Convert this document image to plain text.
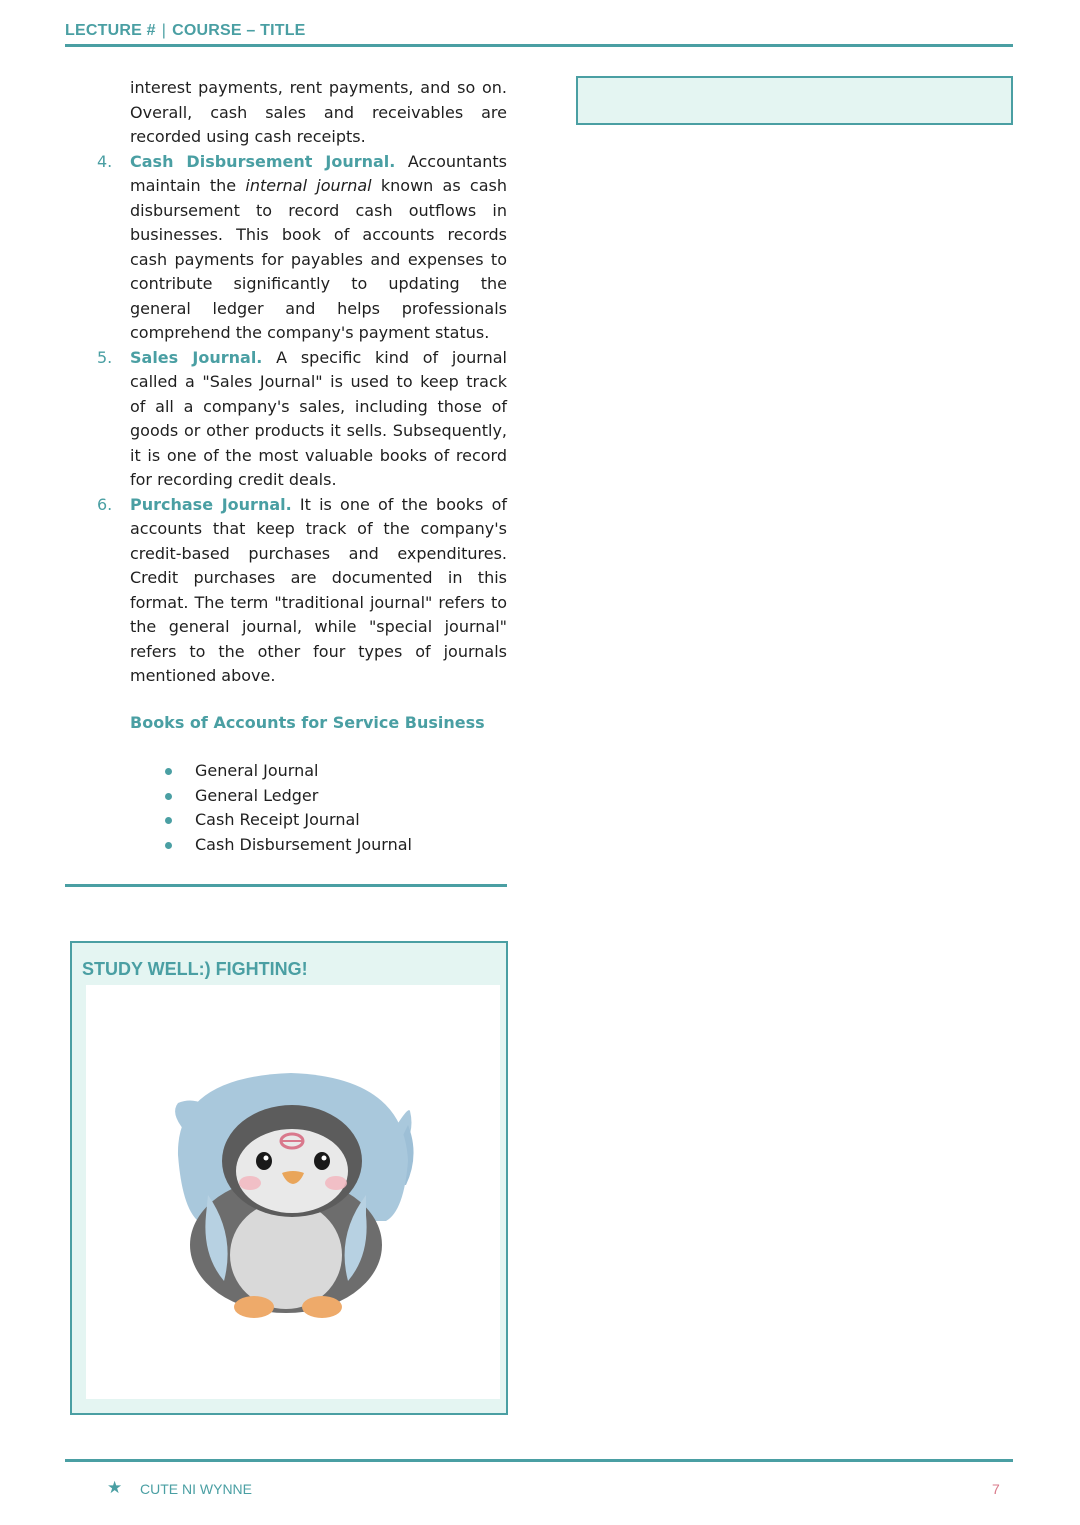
LECTURE # | COURSE – TITLE
interest payments, rent payments, and so on. Overall, cash sales and receivables are recorded using cash receipts.
4. Cash Disbursement Journal. Accountants maintain the internal journal known as cash disbursement to record cash outflows in businesses. This book of accounts records cash payments for payables and expenses to contribute significantly to updating the general ledger and helps professionals comprehend the company's payment status.
5. Sales Journal. A specific kind of journal called a "Sales Journal" is used to keep track of all a company's sales, including those of goods or other products it sells. Subsequently, it is one of the most valuable books of record for recording credit deals.
6. Purchase Journal. It is one of the books of accounts that keep track of the company's credit-based purchases and expenditures. Credit purchases are documented in this format. The term "traditional journal" refers to the general journal, while "special journal" refers to the other four types of journals mentioned above.
Books of Accounts for Service Business
General Journal
General Ledger
Cash Receipt Journal
Cash Disbursement Journal
STUDY WELL:) FIGHTING!
★ CUTE NI WYNNE	7
